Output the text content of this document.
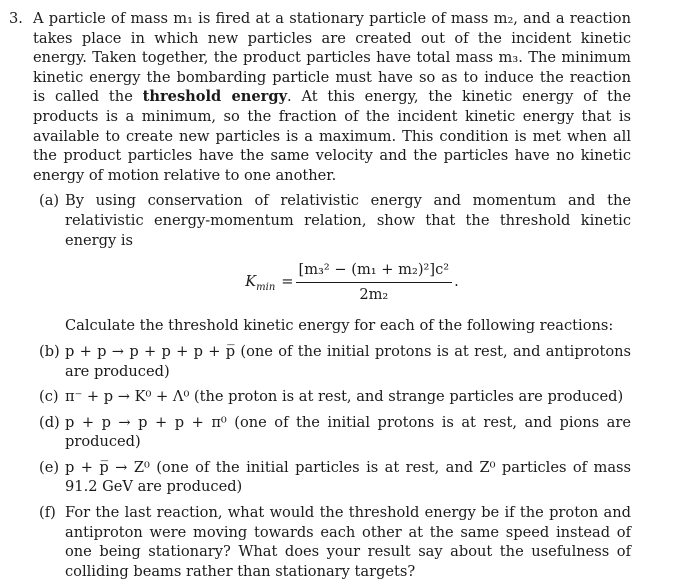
3. A particle of mass m₁ is fired at a stationary particle of mass m₂, and a reaction takes place in which new particles are created out of the incident kinetic energy. Taken together, the product particles have total mass m₃. The minimum kinetic energy the bombarding particle must have so as to induce the reaction is called the threshold energy. At this energy, the kinetic energy of the products is a minimum, so the fraction of the incident kinetic energy that is available to create new particles is a maximum. This condition is met when all the product particles have the same velocity and the particles have no kinetic energy of motion relative to one another.
(a) By using conservation of relativistic energy and momentum and the relativistic energy-momentum relation, show that the threshold kinetic energy is
$K_{min} = \frac{\text{[m₃² − (m₁ + m₂)²]c²}}{\text{2m₂}}$ .
Calculate the threshold kinetic energy for each of the following reactions:
(b) p + p → p + p + p + p̅ (one of the initial protons is at rest, and antiprotons are produced)
(c) π⁻ + p → K⁰ + Λ⁰ (the proton is at rest, and strange particles are produced)
(d) p + p → p + p + π⁰ (one of the initial protons is at rest, and pions are produced)
(e) p + p̅ → Z⁰ (one of the initial particles is at rest, and Z⁰ particles of mass 91.2 GeV are produced)
(f) For the last reaction, what would the threshold energy be if the proton and antiproton were moving towards each other at the same speed instead of one being stationary? What does your result say about the usefulness of colliding beams rather than stationary targets?
